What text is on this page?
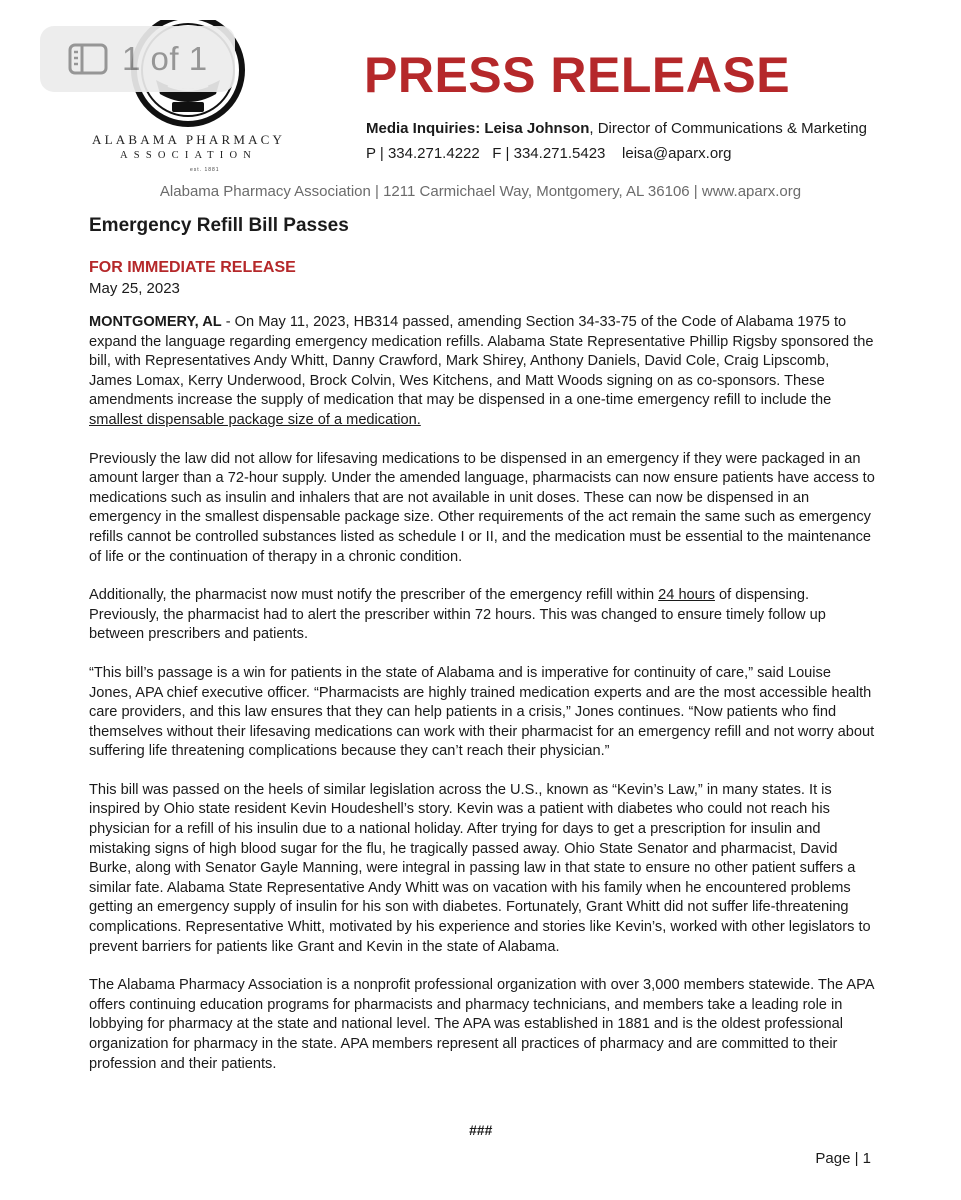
1 of 1
ALABAMA PHARMACY
ASSOCIATION
est. 1881
PRESS RELEASE
Media Inquiries: Leisa Johnson, Director of Communications & Marketing
P | 334.271.4222   F | 334.271.5423    leisa@aparx.org
Alabama Pharmacy Association | 1211 Carmichael Way, Montgomery, AL 36106 | www.aparx.org
Emergency Refill Bill Passes
FOR IMMEDIATE RELEASE
May 25, 2023

MONTGOMERY, AL - On May 11, 2023, HB314 passed, amending Section 34-33-75 of the Code of Alabama 1975 to expand the language regarding emergency medication refills. Alabama State Representative Phillip Rigsby sponsored the bill, with Representatives Andy Whitt, Danny Crawford, Mark Shirey, Anthony Daniels, David Cole, Craig Lipscomb, James Lomax, Kerry Underwood, Brock Colvin, Wes Kitchens, and Matt Woods signing on as co-sponsors. These amendments increase the supply of medication that may be dispensed in a one-time emergency refill to include the smallest dispensable package size of a medication.

Previously the law did not allow for lifesaving medications to be dispensed in an emergency if they were packaged in an amount larger than a 72-hour supply. Under the amended language, pharmacists can now ensure patients have access to medications such as insulin and inhalers that are not available in unit doses. These can now be dispensed in an emergency in the smallest dispensable package size. Other requirements of the act remain the same such as emergency refills cannot be controlled substances listed as schedule I or II, and the medication must be essential to the maintenance of life or the continuation of therapy in a chronic condition.

Additionally, the pharmacist now must notify the prescriber of the emergency refill within 24 hours of dispensing. Previously, the pharmacist had to alert the prescriber within 72 hours. This was changed to ensure timely follow up between prescribers and patients.

“This bill’s passage is a win for patients in the state of Alabama and is imperative for continuity of care,” said Louise Jones, APA chief executive officer. “Pharmacists are highly trained medication experts and are the most accessible health care providers, and this law ensures that they can help patients in a crisis,” Jones continues. “Now patients who find themselves without their lifesaving medications can work with their pharmacist for an emergency refill and not worry about suffering life threatening complications because they can’t reach their physician.”

This bill was passed on the heels of similar legislation across the U.S., known as “Kevin’s Law,” in many states. It is inspired by Ohio state resident Kevin Houdeshell’s story. Kevin was a patient with diabetes who could not reach his physician for a refill of his insulin due to a national holiday. After trying for days to get a prescription for insulin and mistaking signs of high blood sugar for the flu, he tragically passed away. Ohio State Senator and pharmacist, David Burke, along with Senator Gayle Manning, were integral in passing law in that state to ensure no other patient suffers a similar fate. Alabama State Representative Andy Whitt was on vacation with his family when he encountered problems getting an emergency supply of insulin for his son with diabetes. Fortunately, Grant Whitt did not suffer life-threatening complications. Representative Whitt, motivated by his experience and stories like Kevin’s, worked with other legislators to prevent barriers for patients like Grant and Kevin in the state of Alabama.

The Alabama Pharmacy Association is a nonprofit professional organization with over 3,000 members statewide. The APA offers continuing education programs for pharmacists and pharmacy technicians, and members take a leading role in lobbying for pharmacy at the state and national level. The APA was established in 1881 and is the oldest professional organization for pharmacy in the state. APA members represent all practices of pharmacy and are committed to their profession and their patients.

###
Page | 1
